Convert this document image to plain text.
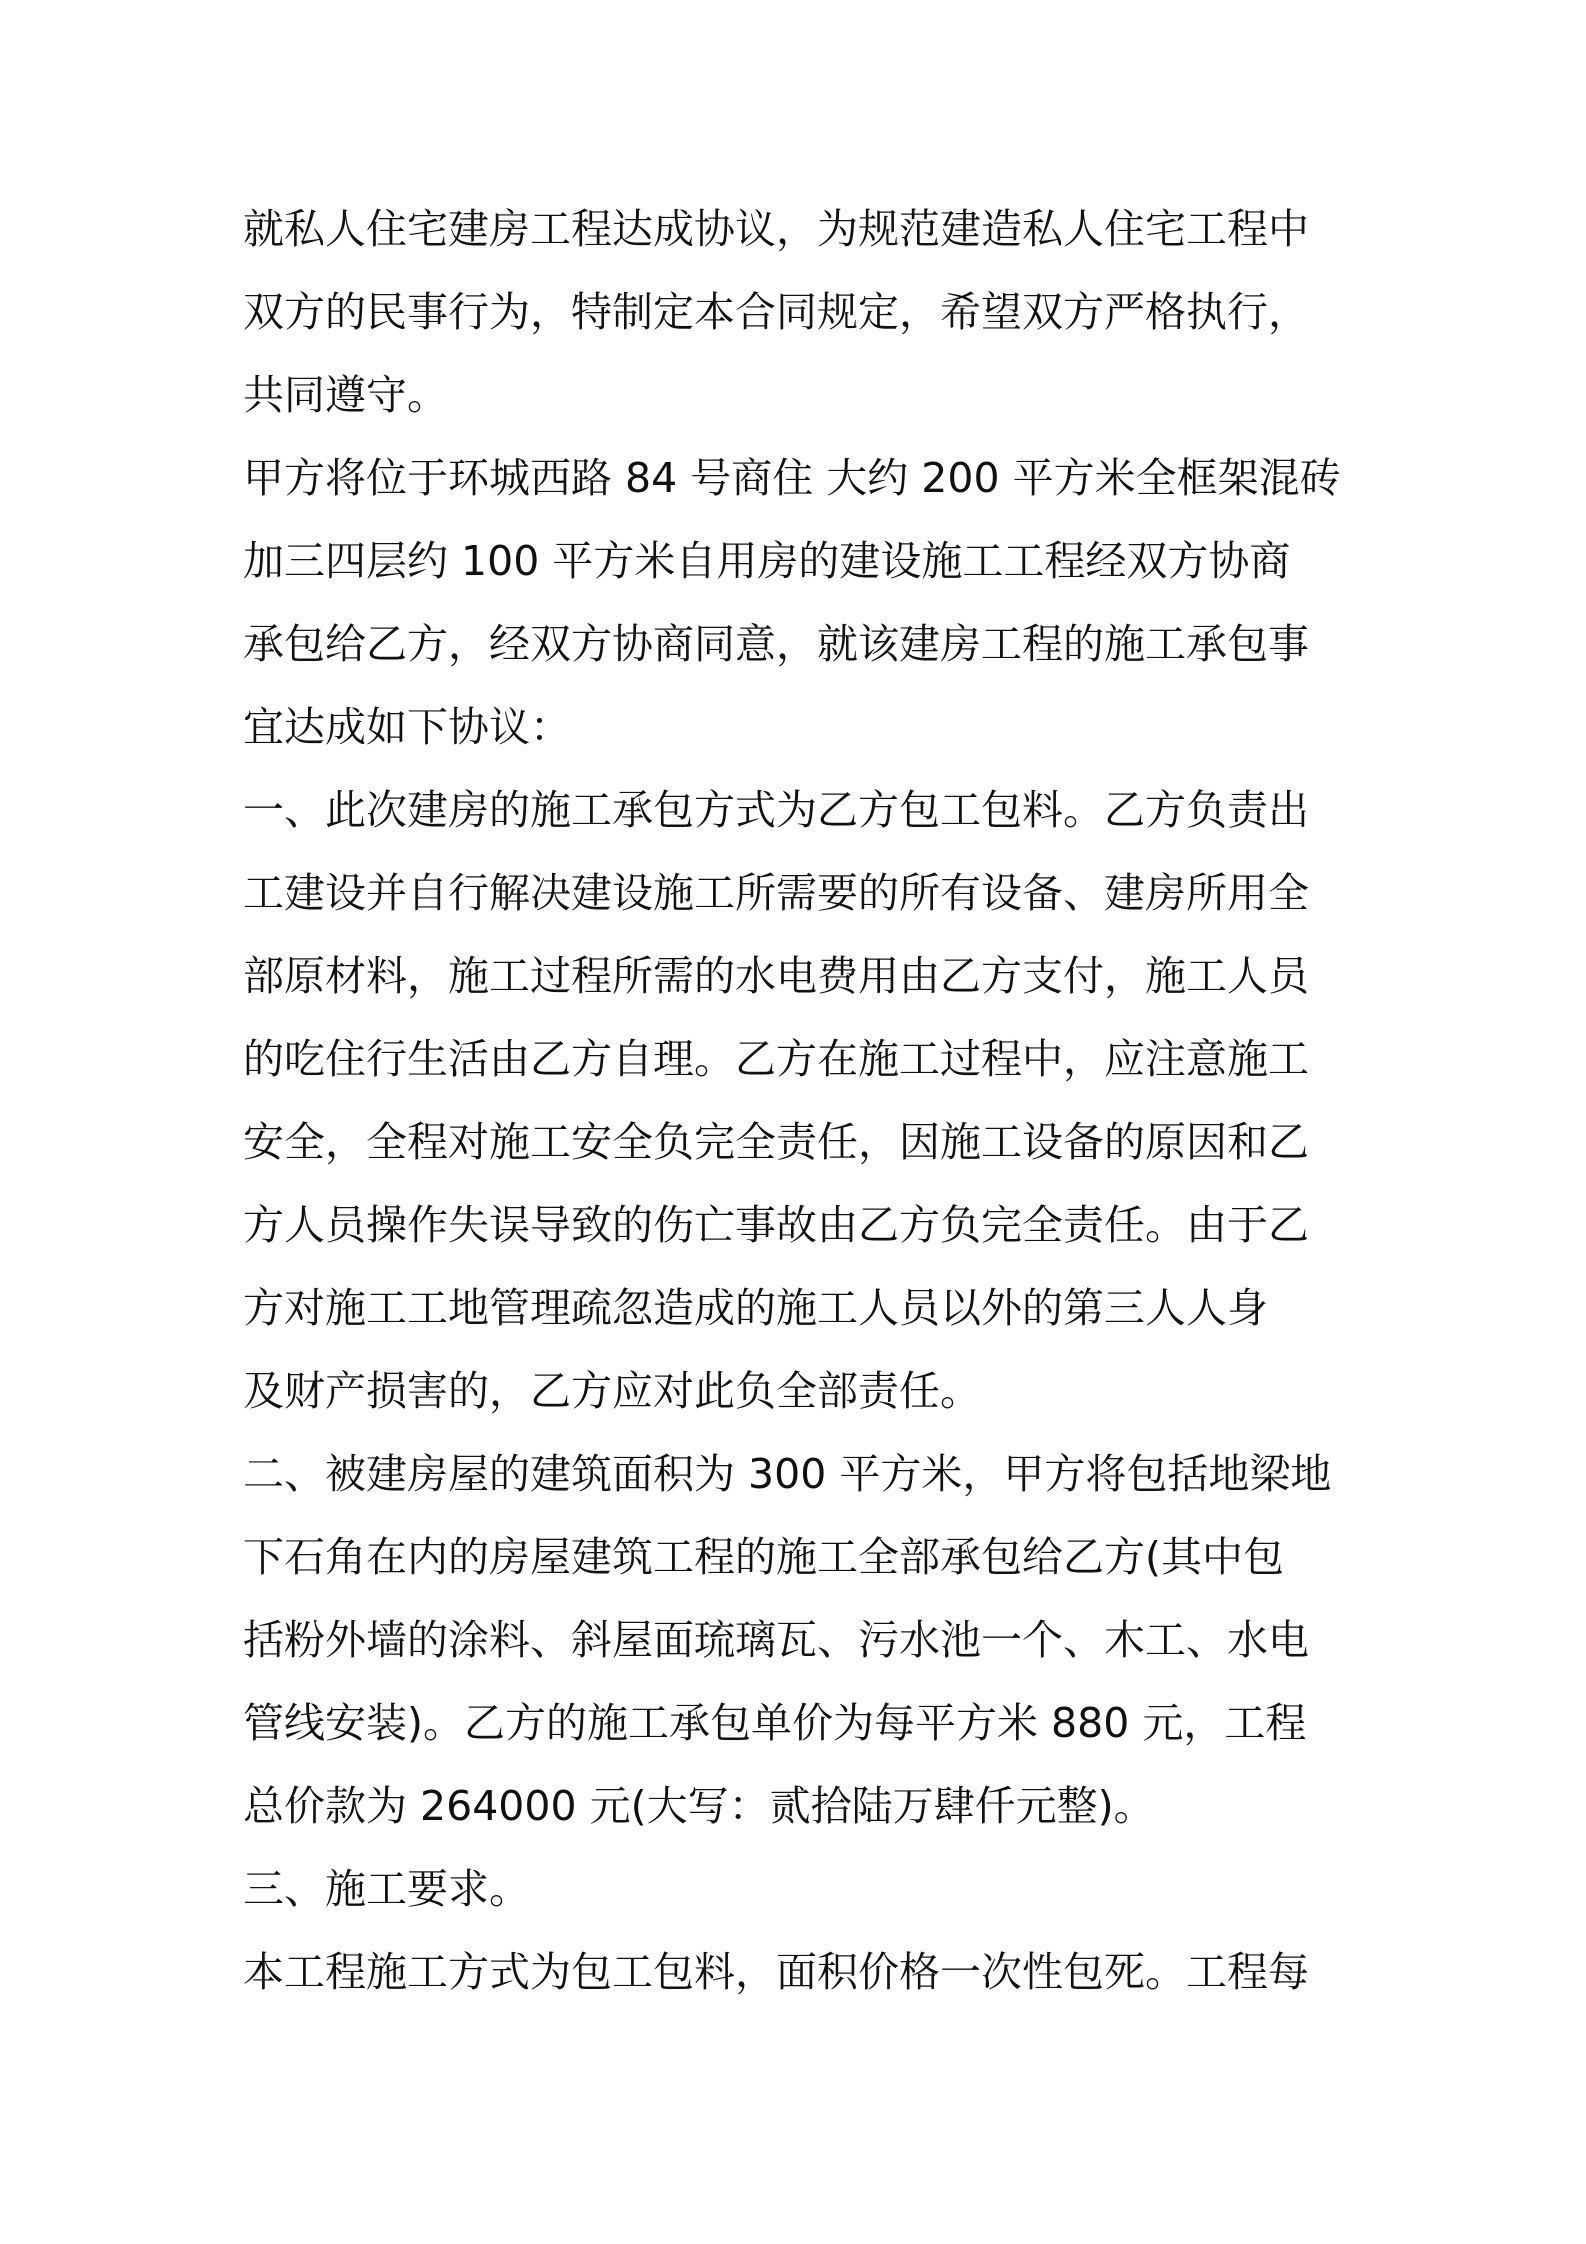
就私人住宅建房工程达成协议，为规范建造私人住宅工程中
双方的民事行为，特制定本合同规定，希望双方严格执行，
共同遵守。
甲方将位于环城西路 84 号商住 大约 200 平方米全框架混砖
加三四层约 100 平方米自用房的建设施工工程经双方协商
承包给乙方，经双方协商同意，就该建房工程的施工承包事
宜达成如下协议：
一、此次建房的施工承包方式为乙方包工包料。乙方负责出
工建设并自行解决建设施工所需要的所有设备、建房所用全
部原材料，施工过程所需的水电费用由乙方支付，施工人员
的吃住行生活由乙方自理。乙方在施工过程中，应注意施工
安全，全程对施工安全负完全责任，因施工设备的原因和乙
方人员操作失误导致的伤亡事故由乙方负完全责任。由于乙
方对施工工地管理疏忽造成的施工人员以外的第三人人身
及财产损害的，乙方应对此负全部责任。
二、被建房屋的建筑面积为 300 平方米，甲方将包括地梁地
下石角在内的房屋建筑工程的施工全部承包给乙方(其中包
括粉外墙的涂料、斜屋面琉璃瓦、污水池一个、木工、水电
管线安装)。乙方的施工承包单价为每平方米 880 元，工程
总价款为 264000 元(大写：贰拾陆万肆仟元整)。
三、施工要求。
本工程施工方式为包工包料，面积价格一次性包死。工程每
